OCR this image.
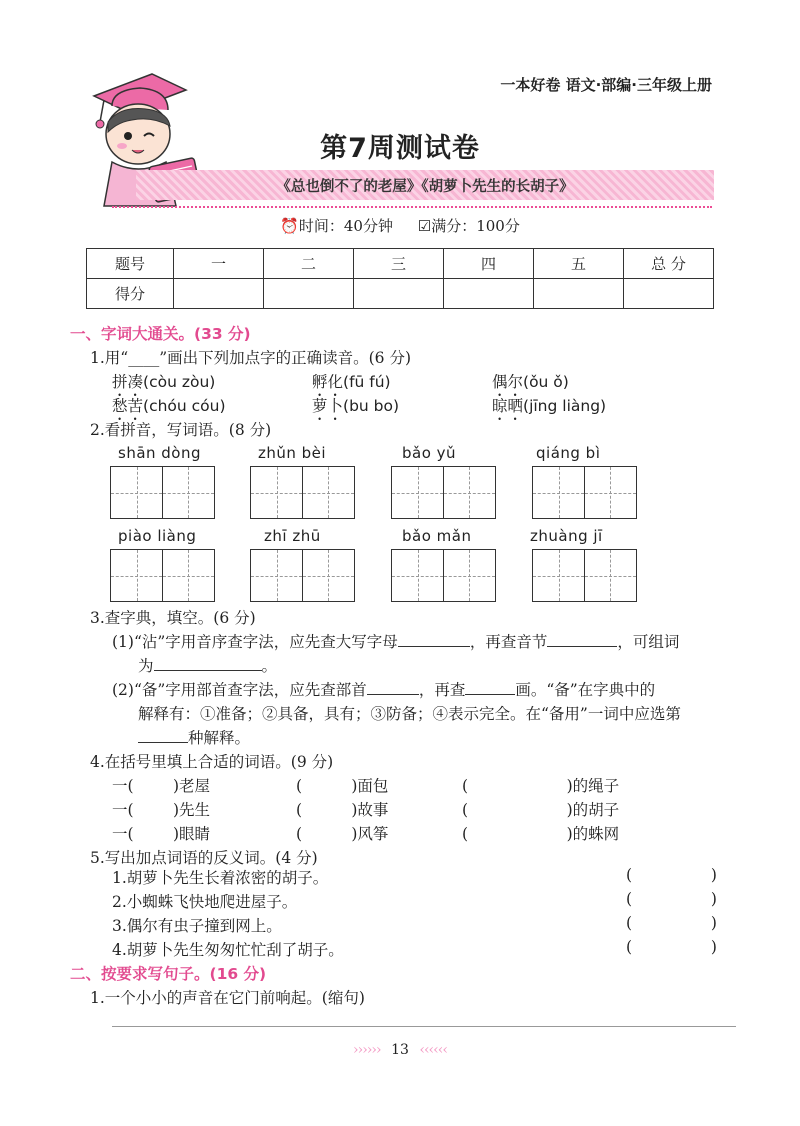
一本好卷 语文·部编·三年级上册
第7周测试卷
《总也倒不了的老屋》《胡萝卜先生的长胡子》
⏰时间：40分钟 ☑满分：100分
题号	一	二	三	四	五	总 分
得分						
一、字词大通关。(33 分)
1.用“____”画出下列加点字的正确读音。(6 分)
拼凑(còu zòu)	孵化(fū fú)	偶尔(ǒu ǒ)
愁苦(chóu cóu)	萝卜(bu bo)	晾晒(jīng liàng)
2.看拼音，写词语。(8 分)
shān dòng	zhǔn bèi	bǎo yǔ	qiáng bì
piào liàng	zhī zhū	bǎo mǎn	zhuàng jī
3.查字典，填空。(6 分)
(1)“沾”字用音序查字法，应先查大写字母	，再查音节	，可组词
为	。
(2)“备”字用部首查字法，应先查部首	，再查	画。“备”在字典中的
解释有：①准备；②具备，具有；③防备；④表示完全。在“备用”一词中应选第
种解释。
4.在括号里填上合适的词语。(9 分)
一(        )老屋	(          )面包	(                    )的绳子
一(        )先生	(          )故事	(                    )的胡子
一(        )眼睛	(          )风筝	(                    )的蛛网
5.写出加点词语的反义词。(4 分)
1.胡萝卜先生长着浓密的胡子。	(                )
2.小蜘蛛飞快地爬进屋子。	(                )
3.偶尔有虫子撞到网上。	(                )
4.胡萝卜先生匆匆忙忙刮了胡子。	(                )
二、按要求写句子。(16 分)
1.一个小小的声音在它门前响起。(缩句)
›››››› 13 ‹‹‹‹‹‹
